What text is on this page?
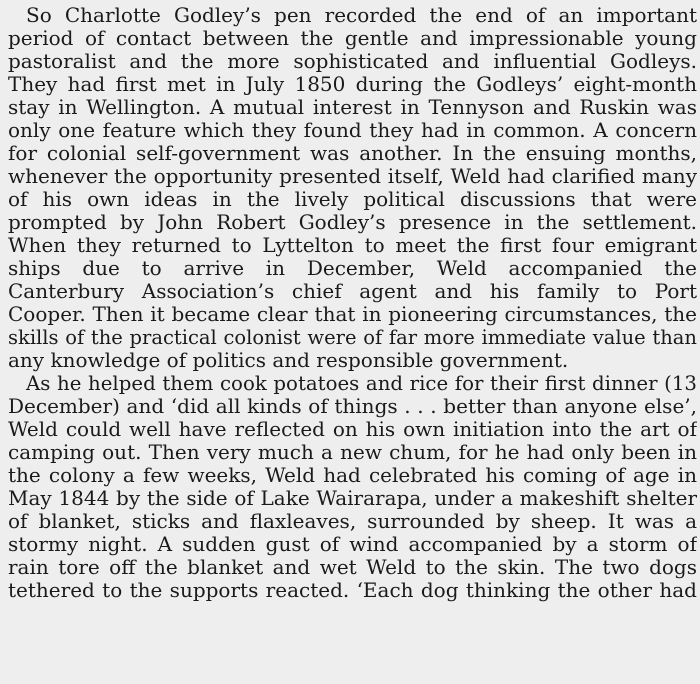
So Charlotte Godley’s pen recorded the end of an important
period of contact between the gentle and impressionable young
pastoralist and the more sophisticated and influential Godleys.
They had first met in July 1850 during the Godleys’ eight-month
stay in Wellington. A mutual interest in Tennyson and Ruskin was
only one feature which they found they had in common. A concern
for colonial self-government was another. In the ensuing months,
whenever the opportunity presented itself, Weld had clarified many
of his own ideas in the lively political discussions that were
prompted by John Robert Godley’s presence in the settlement.
When they returned to Lyttelton to meet the first four emigrant
ships due to arrive in December, Weld accompanied the
Canterbury Association’s chief agent and his family to Port
Cooper. Then it became clear that in pioneering circumstances, the
skills of the practical colonist were of far more immediate value than
any knowledge of politics and responsible government.
As he helped them cook potatoes and rice for their first dinner (13
December) and ‘did all kinds of things . . . better than anyone else’,
Weld could well have reflected on his own initiation into the art of
camping out. Then very much a new chum, for he had only been in
the colony a few weeks, Weld had celebrated his coming of age in
May 1844 by the side of Lake Wairarapa, under a makeshift shelter
of blanket, sticks and flaxleaves, surrounded by sheep. It was a
stormy night. A sudden gust of wind accompanied by a storm of
rain tore off the blanket and wet Weld to the skin. The two dogs
tethered to the supports reacted. ‘Each dog thinking the other had
